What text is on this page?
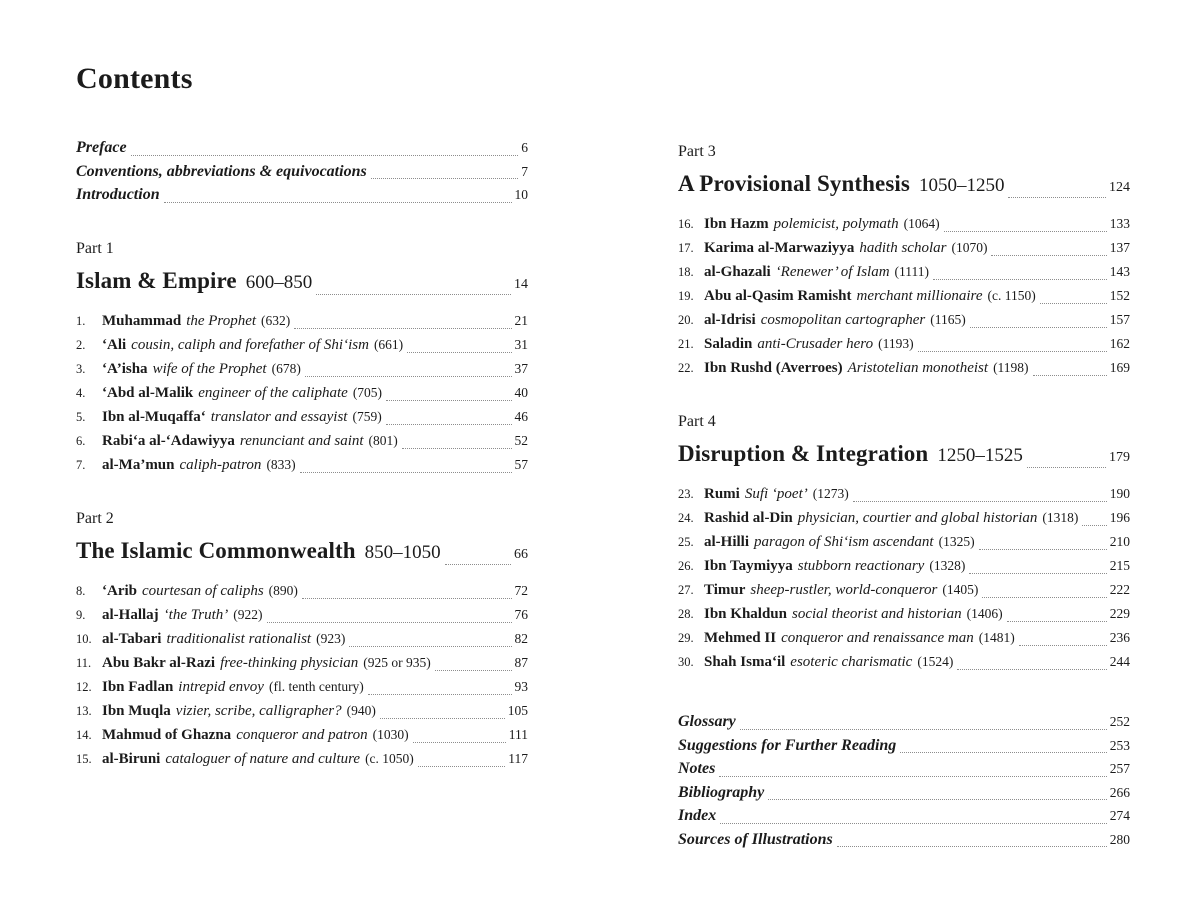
Contents
Preface	6
Conventions, abbreviations & equivocations	7
Introduction	10
Part 1
Islam & Empire 600–850	14
1.	Muhammad the Prophet (632)	21
2.	‘Ali cousin, caliph and forefather of Shi‘ism (661)	31
3.	‘A’isha wife of the Prophet (678)	37
4.	‘Abd al-Malik engineer of the caliphate (705)	40
5.	Ibn al-Muqaffa‘ translator and essayist (759)	46
6.	Rabi‘a al-‘Adawiyya renunciant and saint (801)	52
7.	al-Ma’mun caliph-patron (833)	57
Part 2
The Islamic Commonwealth 850–1050	66
8.	‘Arib courtesan of caliphs (890)	72
9.	al-Hallaj ‘the Truth’ (922)	76
10. al-Tabari traditionalist rationalist (923)	82
11. Abu Bakr al-Razi free-thinking physician (925 or 935)	87
12. Ibn Fadlan intrepid envoy (fl. tenth century)	93
13. Ibn Muqla vizier, scribe, calligrapher? (940)	105
14. Mahmud of Ghazna conqueror and patron (1030)	111
15. al-Biruni cataloguer of nature and culture (c. 1050)	117
Part 3
A Provisional Synthesis 1050–1250	124
16. Ibn Hazm polemicist, polymath (1064)	133
17. Karima al-Marwaziyya hadith scholar (1070)	137
18. al-Ghazali ‘Renewer’ of Islam (1111)	143
19. Abu al-Qasim Ramisht merchant millionaire (c. 1150)	152
20. al-Idrisi cosmopolitan cartographer (1165)	157
21. Saladin anti-Crusader hero (1193)	162
22. Ibn Rushd (Averroes) Aristotelian monotheist (1198)	169
Part 4
Disruption & Integration 1250–1525	179
23. Rumi Sufi ‘poet’ (1273)	190
24. Rashid al-Din physician, courtier and global historian (1318) 196
25. al-Hilli paragon of Shi‘ism ascendant (1325)	210
26. Ibn Taymiyya stubborn reactionary (1328)	215
27. Timur sheep-rustler, world-conqueror (1405)	222
28. Ibn Khaldun social theorist and historian (1406)	229
29. Mehmed II conqueror and renaissance man (1481)	236
30. Shah Isma‘il esoteric charismatic (1524)	244
Glossary	252
Suggestions for Further Reading	253
Notes	257
Bibliography	266
Index	274
Sources of Illustrations	280
